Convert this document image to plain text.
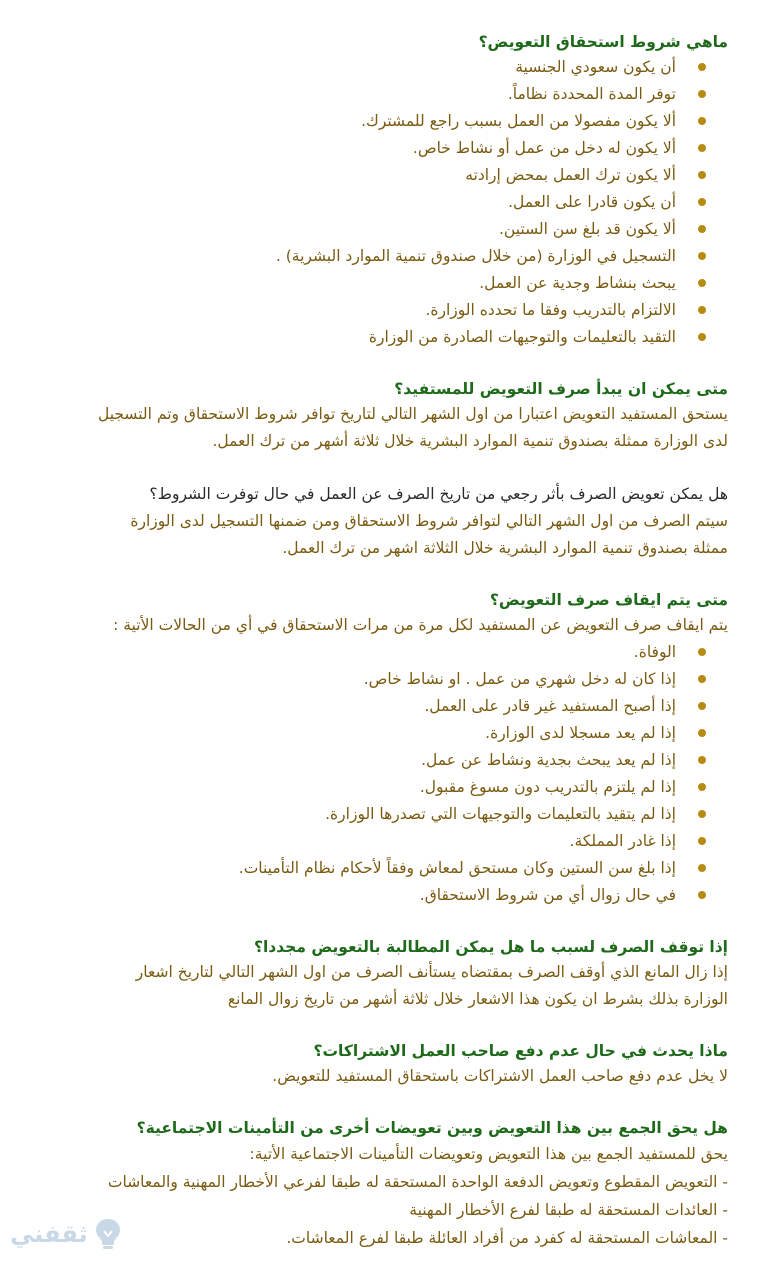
ماهي شروط استحقاق التعويض؟

أن يكون سعودي الجنسية
توفر المدة المحددة نظاماً.
ألا يكون مفصولا من العمل بسبب راجع للمشترك.
ألا يكون له دخل من عمل أو نشاط خاص.
ألا يكون ترك العمل بمحض إرادته
أن يكون قادرا على العمل.
ألا يكون قد بلغ سن الستين.
التسجيل في الوزارة (من خلال صندوق تنمية الموارد البشرية) .
يبحث بنشاط وجدية عن العمل.
الالتزام بالتدريب وفقا ما تحدده الوزارة.
التقيد بالتعليمات والتوجيهات الصادرة من الوزارة

متى يمكن ان يبدأ صرف التعويض للمستفيد؟

يستحق المستفيد التعويض اعتبارا من اول الشهر التالي لتاريخ توافر شروط الاستحقاق وتم التسجيل

لدى الوزارة ممثلة بصندوق تنمية الموارد البشرية خلال ثلاثة أشهر من ترك العمل.

هل يمكن تعويض الصرف بأثر رجعي من تاريخ الصرف عن العمل في حال توفرت الشروط؟

سيتم الصرف من اول الشهر التالي لتوافر شروط الاستحقاق ومن ضمنها التسجيل لدى الوزارة

ممثلة بصندوق تنمية الموارد البشرية خلال الثلاثة اشهر من ترك العمل.

متى يتم ايقاف صرف التعويض؟

يتم ايقاف صرف التعويض عن المستفيد لكل مرة من مرات الاستحقاق في أي من الحالات الأتية :

الوفاة.
إذا كان له دخل شهري من عمل . او نشاط خاص.
إذا أصبح المستفيد غير قادر على العمل.
إذا لم يعد مسجلا لدى الوزارة.
إذا لم يعد يبحث بجدية ونشاط عن عمل.
إذا لم يلتزم بالتدريب دون مسوغ مقبول.
إذا لم يتقيد بالتعليمات والتوجيهات التي تصدرها الوزارة.
إذا غادر المملكة.
إذا بلغ سن الستين وكان مستحق لمعاش وفقاً لأحكام نظام التأمينات.
في حال زوال أي من شروط الاستحقاق.

إذا توقف الصرف لسبب ما هل يمكن المطالبة بالتعويض مجددا؟

إذا زال المانع الذي أوقف الصرف بمقتضاه يستأنف الصرف من اول الشهر التالي لتاريخ اشعار

الوزارة بذلك بشرط ان يكون هذا الاشعار خلال ثلاثة أشهر من تاريخ زوال المانع

ماذا يحدث في حال عدم دفع صاحب العمل الاشتراكات؟

لا يخل عدم دفع صاحب العمل الاشتراكات باستحقاق المستفيد للتعويض.

هل يحق الجمع بين هذا التعويض وبين تعويضات أخرى من التأمينات الاجتماعية؟

يحق للمستفيد الجمع بين هذا التعويض وتعويضات التأمينات الاجتماعية الأتية:

- التعويض المقطوع وتعويض الدفعة الواحدة المستحقة له طبقا لفرعي الأخطار المهنية والمعاشات

- العائدات المستحقة له طبقا لفرع الأخطار المهنية

- المعاشات المستحقة له كفرد من أفراد العائلة طبقا لفرع المعاشات.

ثقفني
